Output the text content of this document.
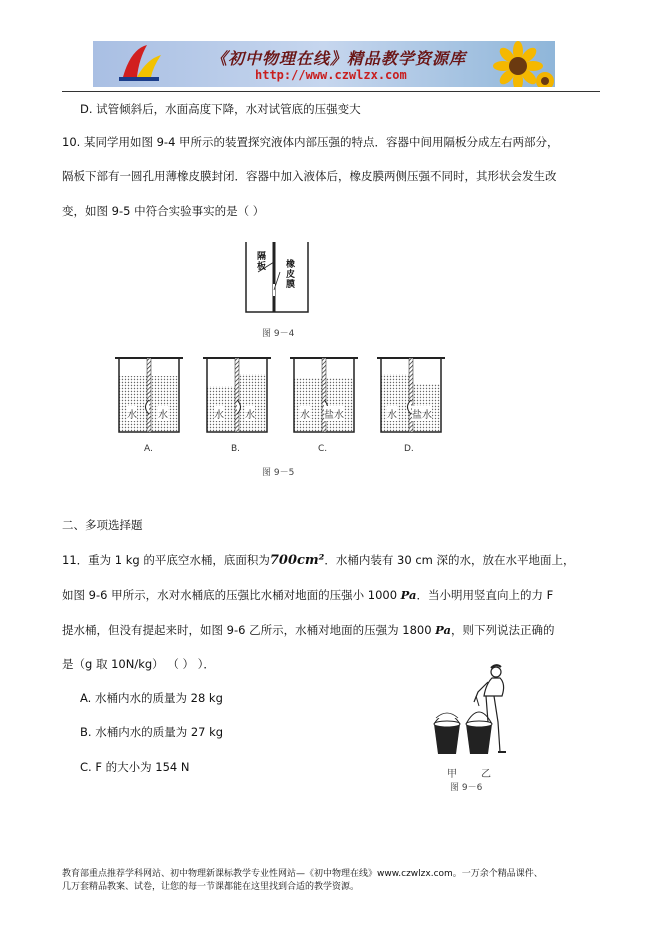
《初中物理在线》精品教学资源库
http://www.czwlzx.com
D. 试管倾斜后，水面高度下降，水对试管底的压强变大
10. 某同学用如图 9-4 甲所示的装置探究液体内部压强的特点．容器中间用隔板分成左右两部分，
隔板下部有一圆孔用薄橡皮膜封闭．容器中加入液体后，橡皮膜两侧压强不同时，其形状会发生改
变，如图 9-5 中符合实验事实的是（ ）
隔板 橡皮膜
图 9－4
水 水	水 水	水 盐水	水 盐水
A.	B.	C.	D.
图 9－5
二、多项选择题
11．重为 1 kg 的平底空水桶，底面积为700cm²．水桶内装有 30 cm 深的水，放在水平地面上，
如图 9-6 甲所示，水对水桶底的压强比水桶对地面的压强小 1000 Pa．当小明用竖直向上的力 F
提水桶，但没有提起来时，如图 9-6 乙所示，水桶对地面的压强为 1800 Pa，则下列说法正确的
是（g 取 10N/kg） （ ） ）．
A. 水桶内水的质量为 28 kg
B. 水桶内水的质量为 27 kg
C. F 的大小为 154 N
甲 乙
图 9－6
教育部重点推荐学科网站、初中物理新课标教学专业性网站—《初中物理在线》www.czwlzx.com。一万余个精品课件、
几万套精品教案、试卷，让您的每一节课都能在这里找到合适的教学资源。
